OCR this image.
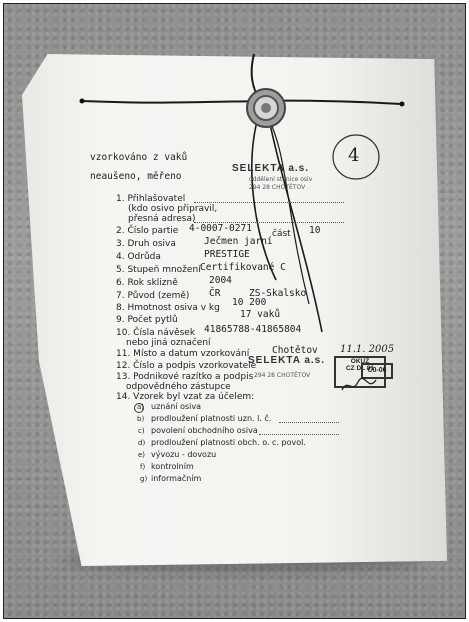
vzorkováno z vaků
neaušeno, měřeno
SELEKTA a.s.
oddělení stanice osiv
294 28 CHOTĚTOV
4
1. Přihlašovatel
(kdo osivo připravil,
přesná adresa)
2. Číslo partie 4-0007-0271 část 10
3. Druh osiva	Ječmen jarní
4. Odrůda	PRESTIGE
5. Stupeň množení Certifikované C
6. Rok sklizně	2004
7. Původ (země) ČR	ZS-Skalsko
8. Hmotnost osiva v kg 10 200
9. Počet pytlů	17 vaků
10. Čísla návěsek 41865788-41865804
nebo jiná označení
11. Místo a datum vzorkování Chotětov 11.1. 2005
12. Číslo a podpis vzorkovatele
SELEKTA a.s.
294 28 CHOTĚTOV
OKÚZ
CZ DL 81
C0-06
13. Podnikové razítko a podpis
odpovědného zástupce
14. Vzorek byl vzat za účelem:
a) uznání osiva
b) prodloužení platnosti uzn. l. č.
c) povolení obchodního osiva
d) prodloužení platnosti obch. o. c. povol.
e) vývozu - dovozu
f) kontrolním
g) informačním
